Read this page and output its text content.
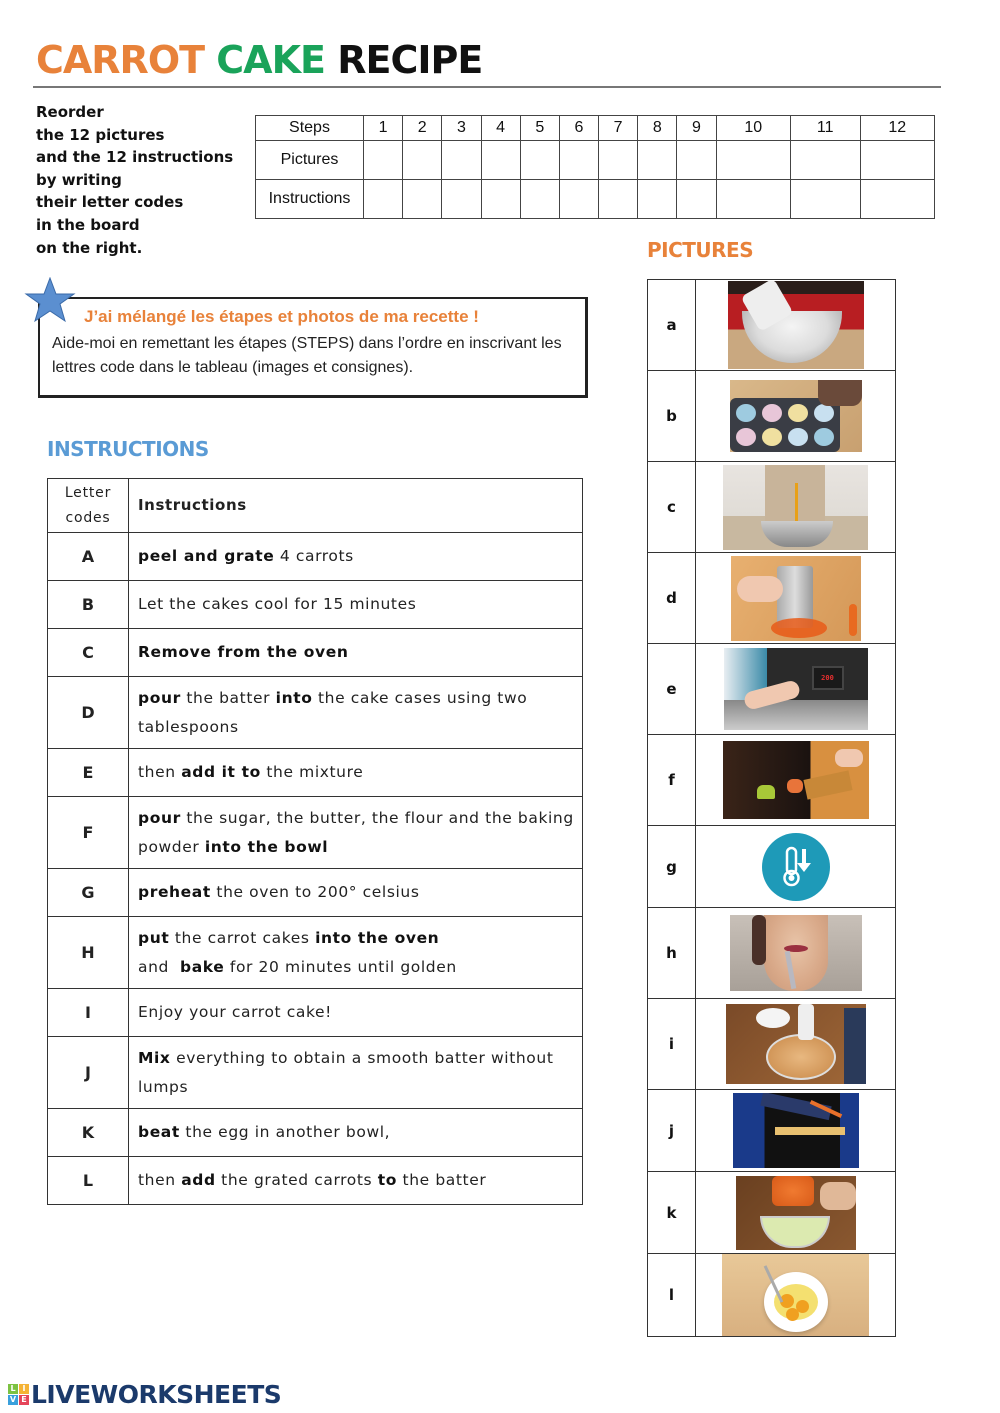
CARROT CAKE RECIPE
Reorder
the 12 pictures
and the 12 instructions
by writing
their letter codes
in the board
on the right.
Steps	1	2	3	4	5	6	7	8	9	10	11	12
Pictures												
Instructions												
J’ai mélangé les étapes et photos de ma recette !
Aide-moi en remettant les étapes (STEPS) dans l’ordre en inscrivant les lettres code dans le tableau (images et consignes).
INSTRUCTIONS
Letter codes	Instructions
A	peel and grate 4 carrots
B	Let the cakes cool for 15 minutes
C	Remove from the oven
D	pour the batter into the cake cases using two tablespoons
E	then add it to the mixture
F	pour the sugar, the butter, the flour and the baking powder into the bowl
G	preheat the oven to 200° celsius
H	put the carrot cakes into the oven
and  bake for 20 minutes until golden
I	Enjoy your carrot cake!
J	Mix everything to obtain a smooth batter without lumps
K	beat the egg in another bowl,
L	then add the grated carrots to the batter
PICTURES
a	

b	

c	

d	

e	200

f	

g	

h	

i	

j	

k	

l	
L I
V E LIVEWORKSHEETS
